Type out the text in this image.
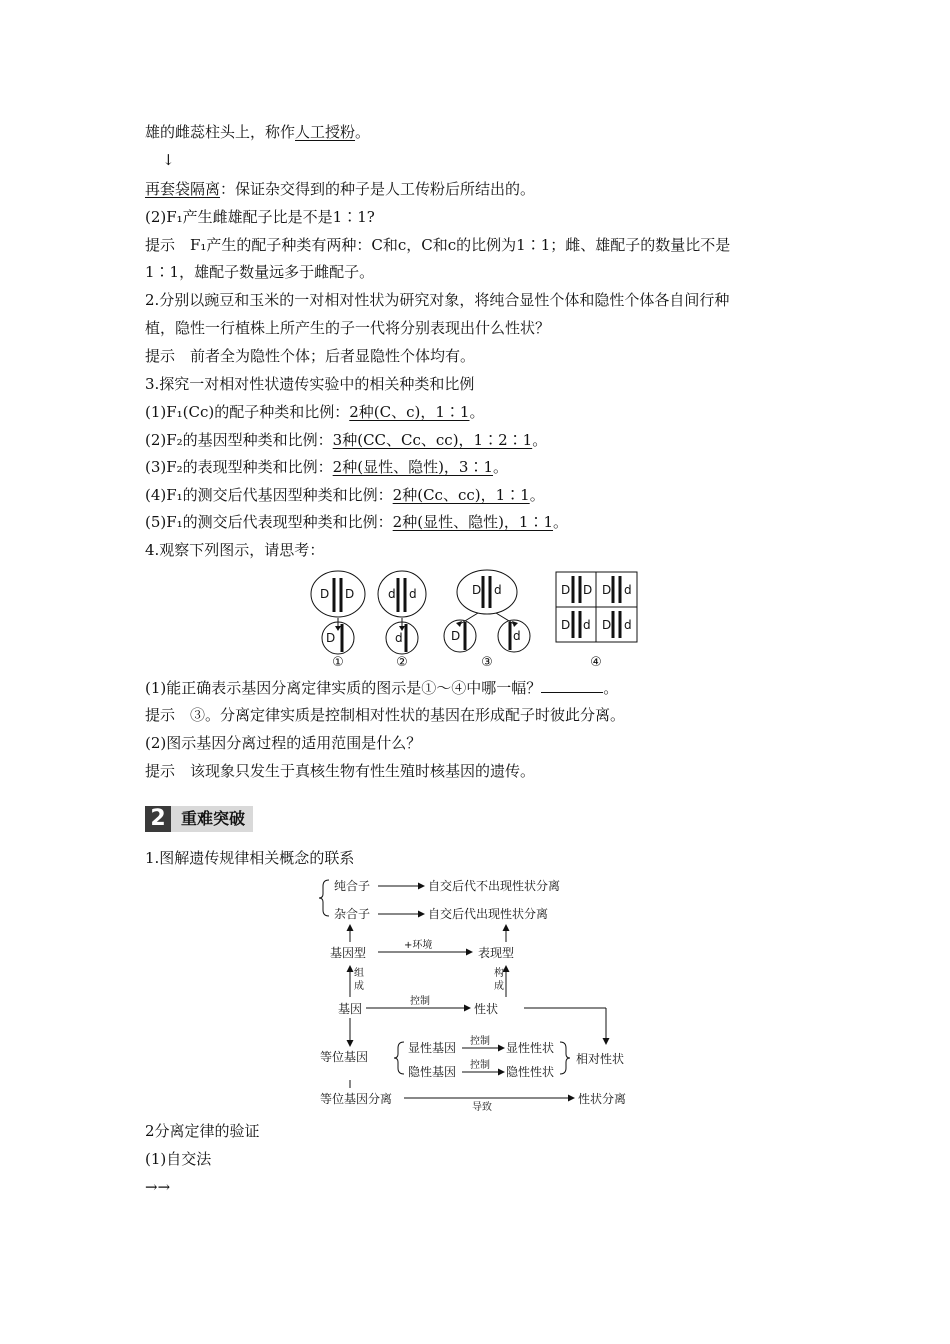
雄的雌蕊柱头上，称作人工授粉。
↓
再套袋隔离：保证杂交得到的种子是人工传粉后所结出的。
(2)F₁产生雌雄配子比是不是1∶1?
提示　F₁产生的配子种类有两种：C和c，C和c的比例为1∶1；雌、雄配子的数量比不是
1∶1，雄配子数量远多于雌配子。
2.分别以豌豆和玉米的一对相对性状为研究对象，将纯合显性个体和隐性个体各自间行种
植，隐性一行植株上所产生的子一代将分别表现出什么性状？
提示　前者全为隐性个体；后者显隐性个体均有。
3.探究一对相对性状遗传实验中的相关种类和比例
(1)F₁(Cc)的配子种类和比例：2种(C、c)，1∶1。
(2)F₂的基因型种类和比例：3种(CC、Cc、cc)，1∶2∶1。
(3)F₂的表现型种类和比例：2种(显性、隐性)，3∶1。
(4)F₁的测交后代基因型种类和比例：2种(Cc、cc)，1∶1。
(5)F₁的测交后代表现型种类和比例：2种(显性、隐性)，1∶1。
4.观察下列图示，请思考：
D D
D
d d
d
D d
D	d
D D D d
D d D d
①	②	③	④
(1)能正确表示基因分离定律实质的图示是①～④中哪一幅？	。
提示　③。分离定律实质是控制相对性状的基因在形成配子时彼此分离。
(2)图示基因分离过程的适用范围是什么？
提示　该现象只发生于真核生物有性生殖时核基因的遗传。
2 重难突破
1.图解遗传规律相关概念的联系
纯合子
杂合子
自交后代不出现性状分离
自交后代出现性状分离
基因型	表现型
基因	性状
等位基因
显性基因
隐性基因
显性性状
隐性性状
相对性状
等位基因分离	性状分离
+环境
组
成
构
成
控制
控制
控制
导致
2分离定律的验证
(1)自交法
→→
